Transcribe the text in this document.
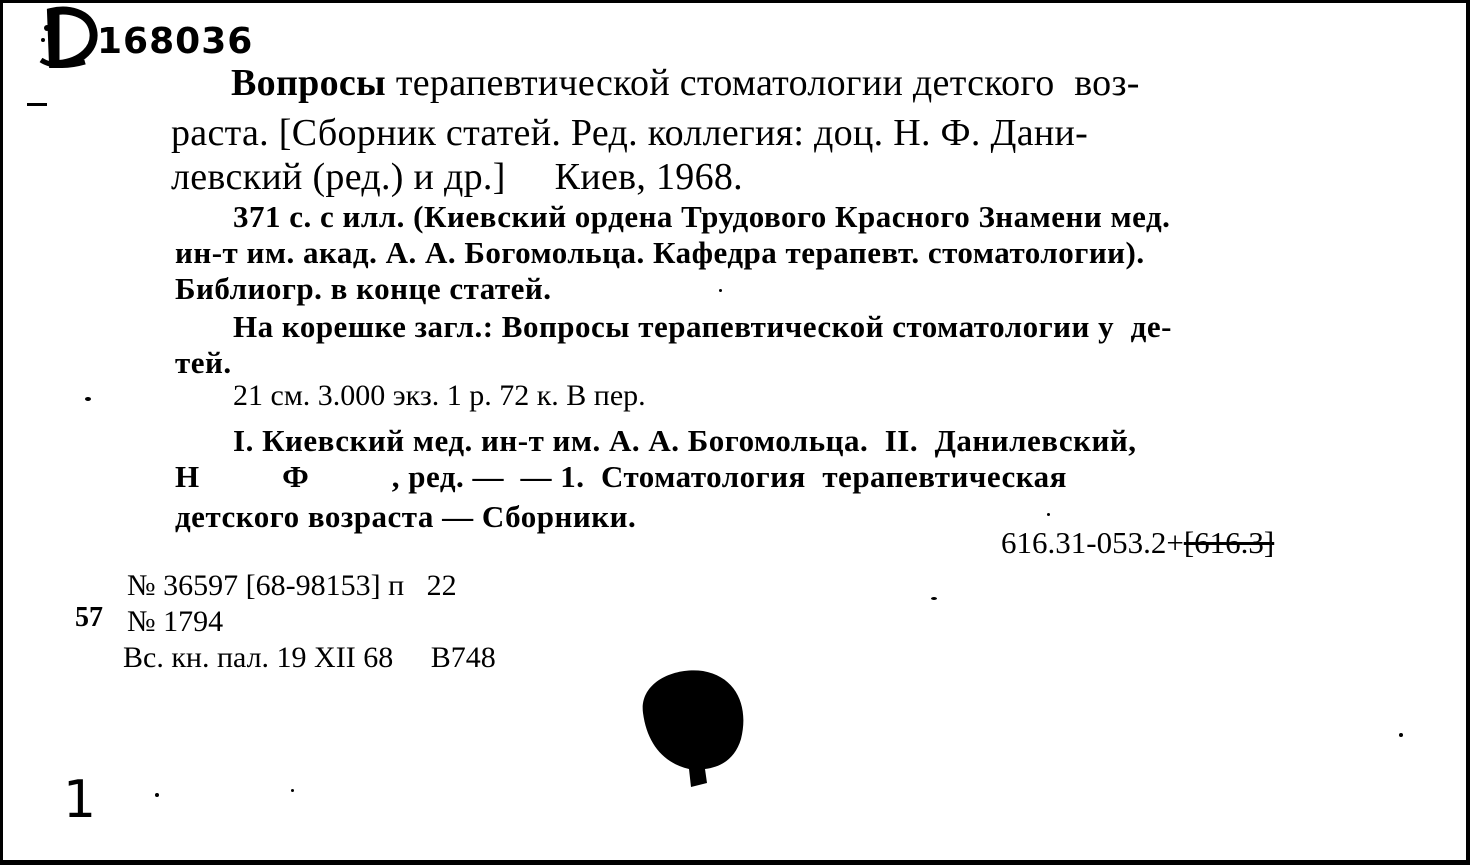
168036
Вопросы терапевтической стоматологии детского  воз-
раста. [Сборник статей. Ред. коллегия: доц. Н. Ф. Дани-
левский (ред.) и др.]     Киев, 1968.
371 с. с илл. (Киевский ордена Трудового Красного Знамени мед.
ин-т им. акад. А. А. Богомольца. Кафедра терапевт. стоматологии).
Библиогр. в конце статей.
На корешке загл.: Вопросы терапевтической стоматологии у  де-
тей.
21 см. 3.000 экз. 1 р. 72 к. В пер.
I. Киевский мед. ин-т им. А. А. Богомольца.  II.  Данилевский,
Н          Ф          , ред. —  — 1.  Стоматология  терапевтическая
детского возраста — Сборники.
616.31-053.2+[616.3]
№ 36597 [68-98153] п   22
57 № 1794
Вс. кн. пал. 19 XII 68     В748
1
